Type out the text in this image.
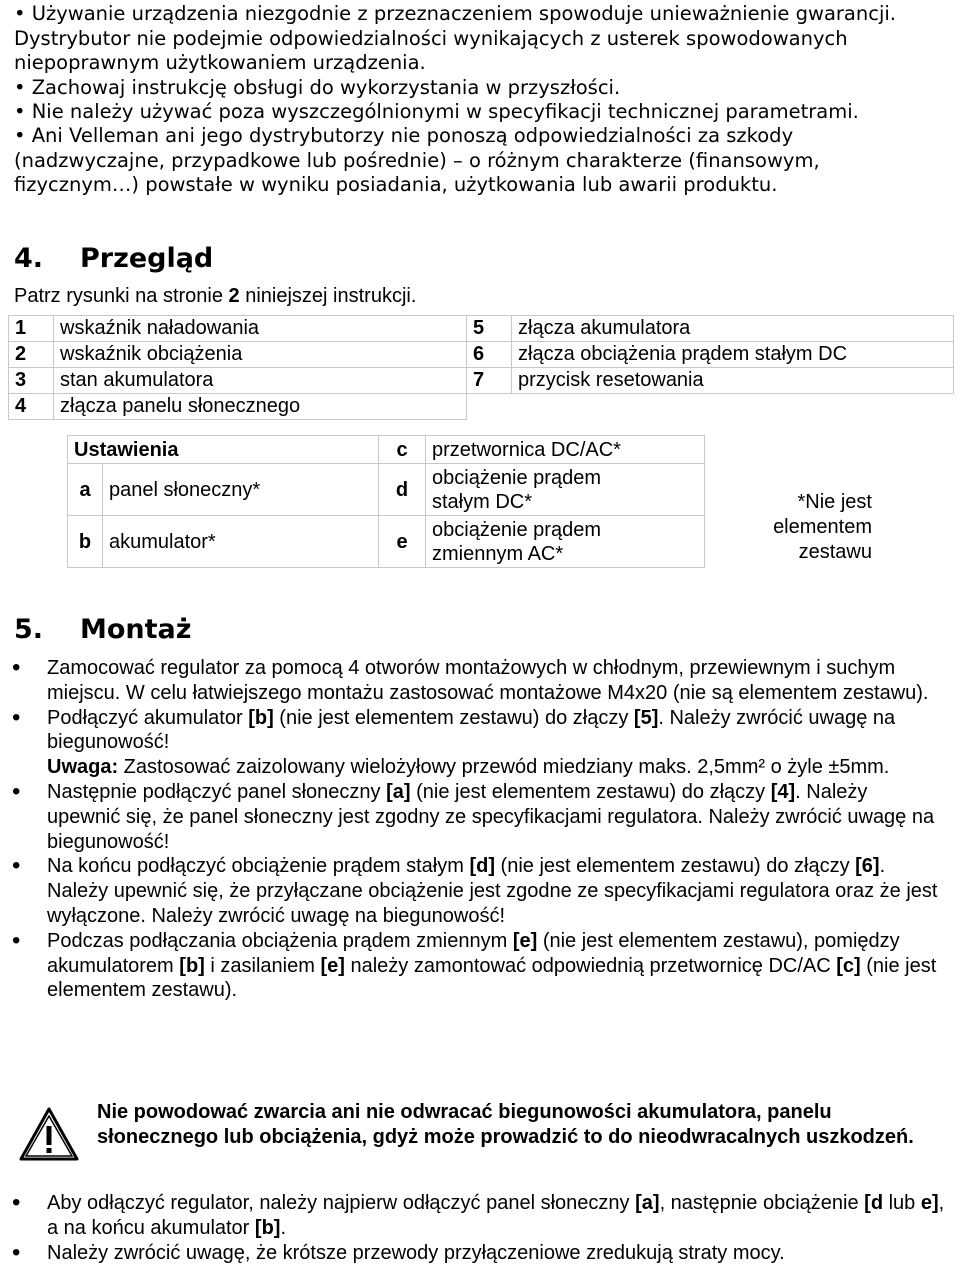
• Używanie urządzenia niezgodnie z przeznaczeniem spowoduje unieważnienie gwarancji. Dystrybutor nie podejmie odpowiedzialności wynikających z usterek spowodowanych niepoprawnym użytkowaniem urządzenia.

• Zachowaj instrukcję obsługi do wykorzystania w przyszłości.

• Nie należy używać poza wyszczególnionymi w specyfikacji technicznej parametrami.

• Ani Velleman ani jego dystrybutorzy nie ponoszą odpowiedzialności za szkody (nadzwyczajne, przypadkowe lub pośrednie) – o różnym charakterze (finansowym, fizycznym…) powstałe w wyniku posiadania, użytkowania lub awarii produktu.

4. Przegląd

Patrz rysunki na stronie 2 niniejszej instrukcji.

1	wskaźnik naładowania	5	złącza akumulatora
2	wskaźnik obciążenia	6	złącza obciążenia prądem stałym DC
3	stan akumulatora	7	przycisk resetowania
4	złącza panelu słonecznego		
Ustawienia		c	przetwornica DC/AC*
a	panel słoneczny*	d	obciążenie prądem
stałym DC*

b	akumulator*	e	obciążenie prądem
zmiennym AC*
*Nie jest
elementem
zestawu
5. Montaż
• Zamocować regulator za pomocą 4 otworów montażowych w chłodnym, przewiewnym i suchym miejscu. W celu łatwiejszego montażu zastosować montażowe M4x20 (nie są elementem zestawu).
• Podłączyć akumulator [b] (nie jest elementem zestawu) do złączy [5]. Należy zwrócić uwagę na biegunowość!
Uwaga: Zastosować zaizolowany wielożyłowy przewód miedziany maks. 2,5mm² o żyle ±5mm.
• Następnie podłączyć panel słoneczny [a] (nie jest elementem zestawu) do złączy [4]. Należy upewnić się, że panel słoneczny jest zgodny ze specyfikacjami regulatora. Należy zwrócić uwagę na biegunowość!
• Na końcu podłączyć obciążenie prądem stałym [d] (nie jest elementem zestawu) do złączy [6]. Należy upewnić się, że przyłączane obciążenie jest zgodne ze specyfikacjami regulatora oraz że jest wyłączone. Należy zwrócić uwagę na biegunowość!
• Podczas podłączania obciążenia prądem zmiennym [e] (nie jest elementem zestawu), pomiędzy akumulatorem [b] i zasilaniem [e] należy zamontować odpowiednią przetwornicę DC/AC [c] (nie jest elementem zestawu).

Nie powodować zwarcia ani nie odwracać biegunowości akumulatora, panelu słonecznego lub obciążenia, gdyż może prowadzić to do nieodwracalnych uszkodzeń.

• Aby odłączyć regulator, należy najpierw odłączyć panel słoneczny [a], następnie obciążenie [d lub e], a na końcu akumulator [b].
• Należy zwrócić uwagę, że krótsze przewody przyłączeniowe zredukują straty mocy.
